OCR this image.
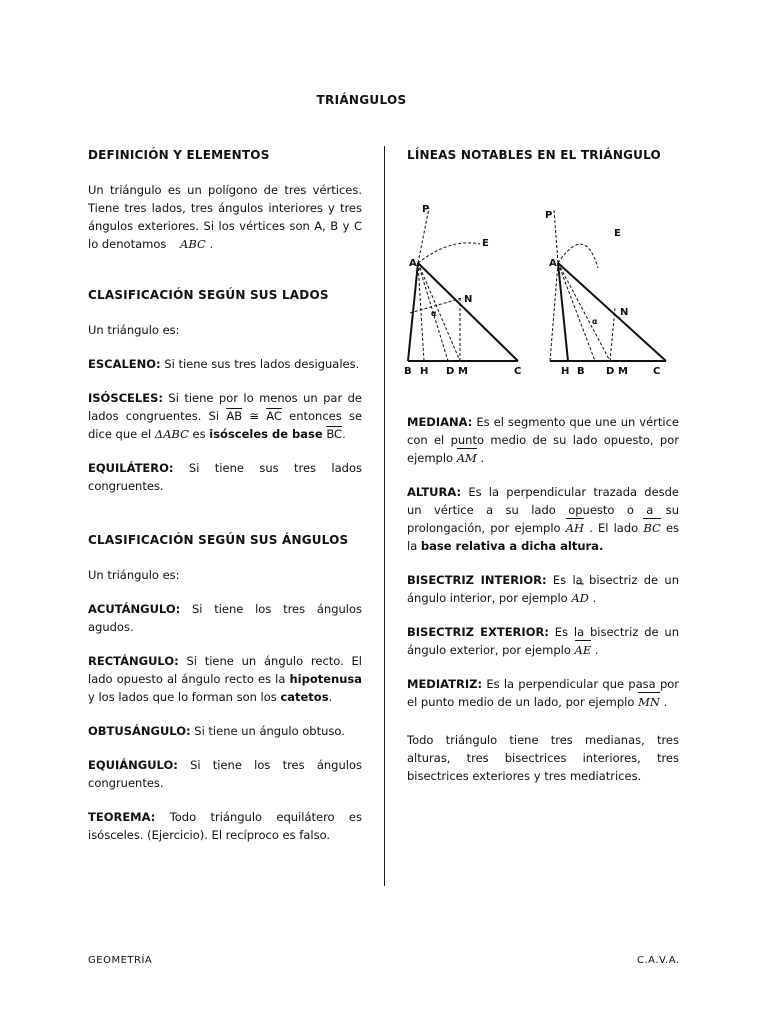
TRIÁNGULOS
DEFINICIÓN Y ELEMENTOS

Un triángulo es un polígono de tres vértices. Tiene tres lados, tres ángulos interiores y tres ángulos exteriores. Si los vértices son A, B y C lo denotamos ABC .

CLASIFICACIÓN SEGÚN SUS LADOS

Un triángulo es:

ESCALENO: Si tiene sus tres lados desiguales.

ISÓSCELES: Si tiene por lo menos un par de lados congruentes. Si $\overline{AB}$ ≅ $\overline{AC}$ entonces se dice que el ΔABC es isósceles de base $\overline{BC}$.

EQUILÁTERO: Si tiene sus tres lados congruentes.

CLASIFICACIÓN SEGÚN SUS ÁNGULOS

Un triángulo es:

ACUTÁNGULO: Si tiene los tres ángulos agudos.

RECTÁNGULO: Si tiene un ángulo recto. El lado opuesto al ángulo recto es la hipotenusa y los lados que lo forman son los catetos.

OBTUSÁNGULO: Si tiene un ángulo obtuso.

EQUIÁNGULO: Si tiene los tres ángulos congruentes.

TEOREMA: Todo triángulo equilátero es isósceles. (Ejercicio). El recíproco es falso.

LÍNEAS NOTABLES EN EL TRIÁNGULO
P
E
A
N
α
B H D M	C
P
E
A
N
α
H B D M	C

MEDIANA: Es el segmento que une un vértice con el punto medio de su lado opuesto, por ejemplo AM .

ALTURA: Es la perpendicular trazada desde un vértice a su lado opuesto o a su prolongación, por ejemplo AH . El lado BC es la base relativa a dicha altura.

BISECTRIZ INTERIOR: Es la bisectriz de un ángulo interior, por ejemplo → AD .

BISECTRIZ EXTERIOR: Es la bisectriz de un ángulo exterior, por ejemplo AE .

MEDIATRIZ: Es la perpendicular que pasa por el punto medio de un lado, por ejemplo MN .

Todo triángulo tiene tres medianas, tres alturas, tres bisectrices interiores, tres bisectrices exteriores y tres mediatrices.

GEOMETRÍA	C.A.V.A.
